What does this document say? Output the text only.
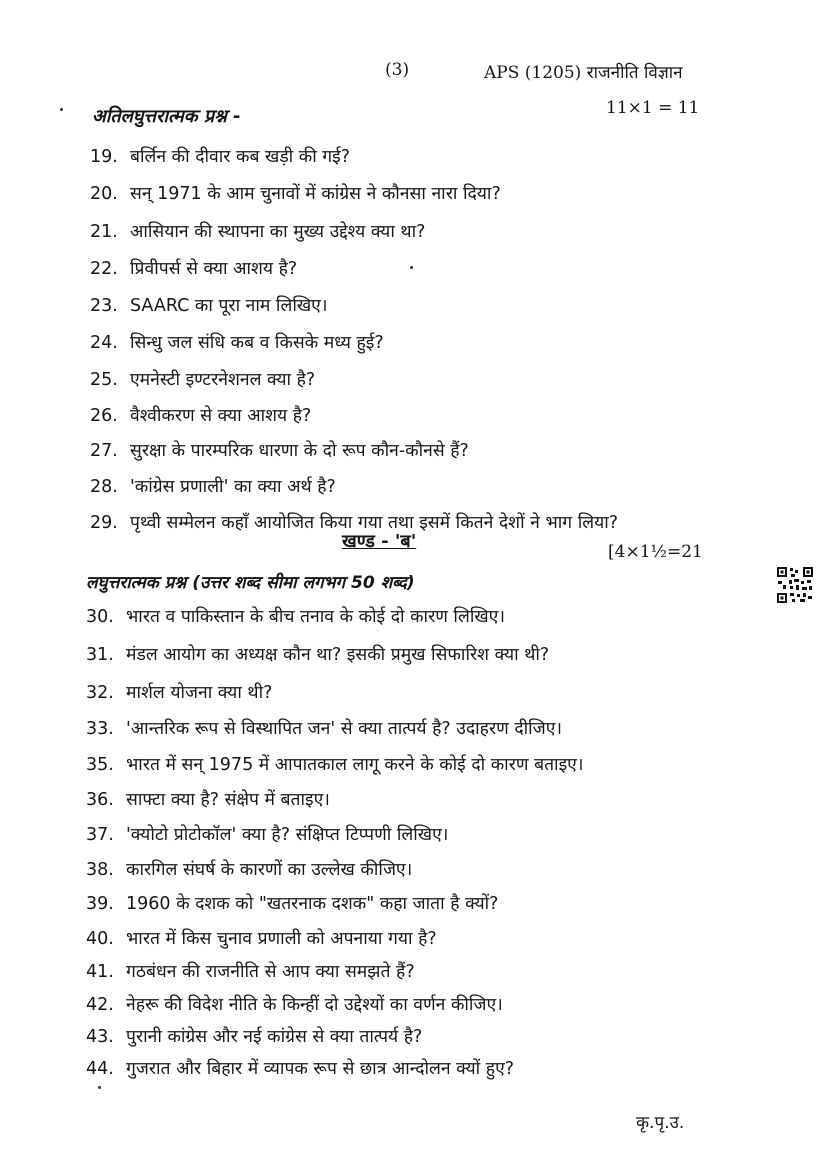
(3)	APS (1205) राजनीति विज्ञान
अतिलघुत्तरात्मक प्रश्न -	11×1 = 11
19. बर्लिन की दीवार कब खड़ी की गई?
20. सन् 1971 के आम चुनावों में कांग्रेस ने कौनसा नारा दिया?
21. आसियान की स्थापना का मुख्य उद्देश्य क्या था?
22. प्रिवीपर्स से क्या आशय है?
23. SAARC का पूरा नाम लिखिए।
24. सिन्धु जल संधि कब व किसके मध्य हुई?
25. एमनेस्टी इण्टरनेशनल क्या है?
26. वैश्वीकरण से क्या आशय है?
27. सुरक्षा के पारम्परिक धारणा के दो रूप कौन-कौनसे हैं?
28. 'कांग्रेस प्रणाली' का क्या अर्थ है?
29. पृथ्वी सम्मेलन कहाँ आयोजित किया गया तथा इसमें कितने देशों ने भाग लिया?
खण्ड - 'ब'	[4×1½=21
लघुत्तरात्मक प्रश्न (उत्तर शब्द सीमा लगभग 50 शब्द)
30. भारत व पाकिस्तान के बीच तनाव के कोई दो कारण लिखिए।
31. मंडल आयोग का अध्यक्ष कौन था? इसकी प्रमुख सिफारिश क्या थी?
32. मार्शल योजना क्या थी?
33. 'आन्तरिक रूप से विस्थापित जन' से क्या तात्पर्य है? उदाहरण दीजिए।
35. भारत में सन् 1975 में आपातकाल लागू करने के कोई दो कारण बताइए।
36. साफ्टा क्या है? संक्षेप में बताइए।
37. 'क्योटो प्रोटोकॉल' क्या है? संक्षिप्त टिप्पणी लिखिए।
38. कारगिल संघर्ष के कारणों का उल्लेख कीजिए।
39. 1960 के दशक को "खतरनाक दशक" कहा जाता है क्यों?
40. भारत में किस चुनाव प्रणाली को अपनाया गया है?
41. गठबंधन की राजनीति से आप क्या समझते हैं?
42. नेहरू की विदेश नीति के किन्हीं दो उद्देश्यों का वर्णन कीजिए।
43. पुरानी कांग्रेस और नई कांग्रेस से क्या तात्पर्य है?
44. गुजरात और बिहार में व्यापक रूप से छात्र आन्दोलन क्यों हुए?
कृ.पृ.उ.
